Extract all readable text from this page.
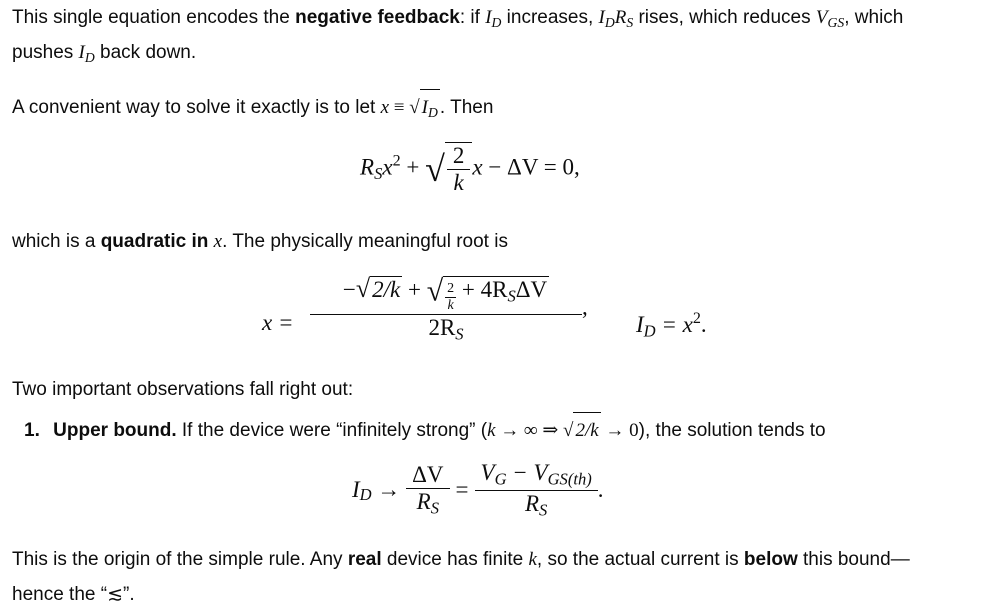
This single equation encodes the negative feedback: if $I_D$ increases, $I_DR_S$ rises, which reduces $V_{GS}$, which
pushes $I_D$ back down.
A convenient way to solve it exactly is to let x ≡ √ $I_D$ . Then
$R_Sx^2$ + √ $\frac{2}{k}$ x − ΔV = 0,
which is a quadratic in x. The physically meaningful root is
$x = \frac{-√2/k + √ \frac{2}{k} + 4R_S\Delta V}{2R_S}$ ,
$I_D = x^2$.
Two important observations fall right out:
1. Upper bound. If the device were “infinitely strong” (k → ∞ ⇒ √ 2/k → 0), the solution tends to
$I_D \to \frac{\Delta V}{R_S} = \frac{V_G - V_{GS(th)}}{R_S}$ .
This is the origin of the simple rule. Any real device has finite k, so the actual current is below this bound—
hence the “≲”.
